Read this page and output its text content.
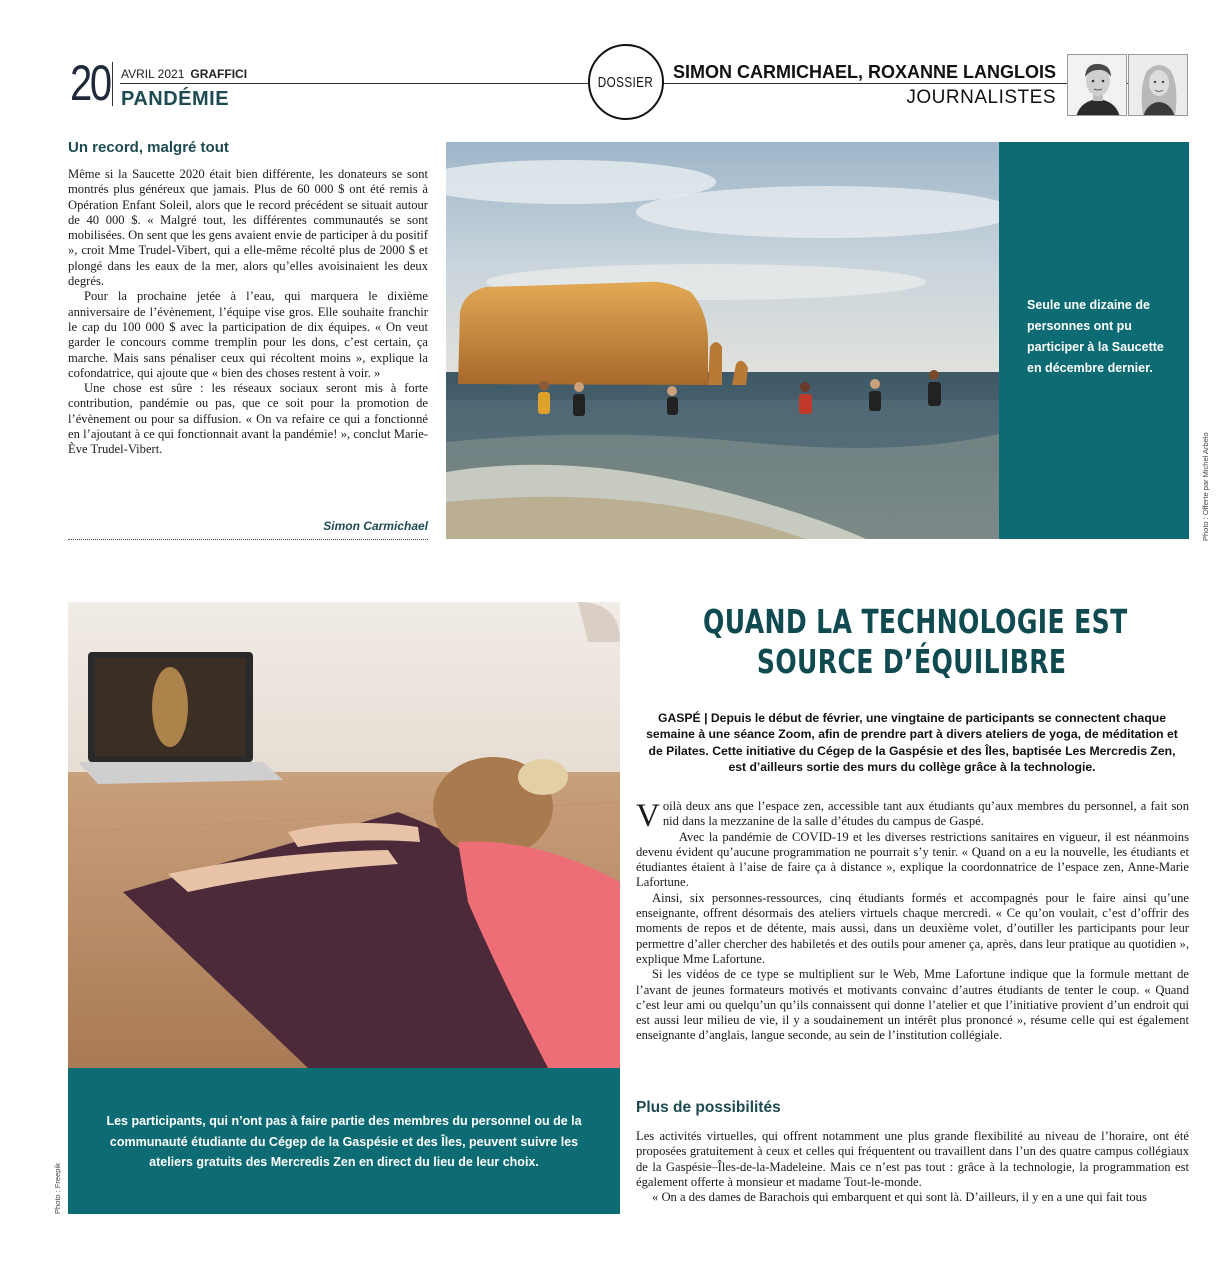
20 AVRIL 2021 GRAFFICI
PANDÉMIE
DOSSIER SIMON CARMICHAEL, ROXANNE LANGLOIS
JOURNALISTES
Un record, malgré tout

Même si la Saucette 2020 était bien différente, les donateurs se sont montrés plus généreux que jamais. Plus de 60 000 $ ont été remis à Opération Enfant Soleil, alors que le record précédent se situait autour de 40 000 $. « Malgré tout, les différentes communautés se sont mobilisées. On sent que les gens avaient envie de participer à du positif », croit Mme Trudel-Vibert, qui a elle-même récolté plus de 2000 $ et plongé dans les eaux de la mer, alors qu’elles avoisinaient les deux degrés.

Pour la prochaine jetée à l’eau, qui marquera le dixième anniversaire de l’évènement, l’équipe vise gros. Elle souhaite franchir le cap du 100 000 $ avec la participation de dix équipes. « On veut garder le concours comme tremplin pour les dons, c’est certain, ça marche. Mais sans pénaliser ceux qui récoltent moins », explique la cofondatrice, qui ajoute que « bien des choses restent à voir. »

Une chose est sûre : les réseaux sociaux seront mis à forte contribution, pandémie ou pas, que ce soit pour la promotion de l’évènement ou pour sa diffusion. « On va refaire ce qui a fonctionné en l’ajoutant à ce qui fonctionnait avant la pandémie! », conclut Marie-Ève Trudel-Vibert.

Simon Carmichael

Seule une dizaine de personnes ont pu participer à la Saucette en décembre dernier.

Photo : Offerte par Michel Arbelo

Les participants, qui n’ont pas à faire partie des membres du personnel ou de la communauté étudiante du Cégep de la Gaspésie et des Îles, peuvent suivre les ateliers gratuits des Mercredis Zen en direct du lieu de leur choix.

Photo : Freepik
QUAND LA TECHNOLOGIE EST
SOURCE D’ÉQUILIBRE
GASPÉ | Depuis le début de février, une vingtaine de participants se connectent chaque semaine à une séance Zoom, afin de prendre part à divers ateliers de yoga, de méditation et de Pilates. Cette initiative du Cégep de la Gaspésie et des Îles, baptisée Les Mercredis Zen, est d’ailleurs sortie des murs du collège grâce à la technologie.

Voilà deux ans que l’espace zen, accessible tant aux étudiants qu’aux membres du personnel, a fait son nid dans la mezzanine de la salle d’études du campus de Gaspé.

Avec la pandémie de COVID-19 et les diverses restrictions sanitaires en vigueur, il est néanmoins devenu évident qu’aucune programmation ne pourrait s’y tenir. « Quand on a eu la nouvelle, les étudiants et étudiantes étaient à l’aise de faire ça à distance », explique la coordonnatrice de l’espace zen, Anne-Marie Lafortune.

Ainsi, six personnes-ressources, cinq étudiants formés et accompagnés pour le faire ainsi qu’une enseignante, offrent désormais des ateliers virtuels chaque mercredi. « Ce qu’on voulait, c’est d’offrir des moments de repos et de détente, mais aussi, dans un deuxième volet, d’outiller les participants pour leur permettre d’aller chercher des habiletés et des outils pour amener ça, après, dans leur pratique au quotidien », explique Mme Lafortune.

Si les vidéos de ce type se multiplient sur le Web, Mme Lafortune indique que la formule mettant de l’avant de jeunes formateurs motivés et motivants convainc d’autres étudiants de tenter le coup. « Quand c’est leur ami ou quelqu’un qu’ils connaissent qui donne l’atelier et que l’initiative provient d’un endroit qui est aussi leur milieu de vie, il y a soudainement un intérêt plus prononcé », résume celle qui est également enseignante d’anglais, langue seconde, au sein de l’institution collégiale.

Plus de possibilités

Les activités virtuelles, qui offrent notamment une plus grande flexibilité au niveau de l’horaire, ont été proposées gratuitement à ceux et celles qui fréquentent ou travaillent dans l’un des quatre campus collégiaux de la Gaspésie–Îles-de-la-Madeleine. Mais ce n’est pas tout : grâce à la technologie, la programmation est également offerte à monsieur et madame Tout-le-monde.

« On a des dames de Barachois qui embarquent et qui sont là. D’ailleurs, il y en a une qui fait tous
